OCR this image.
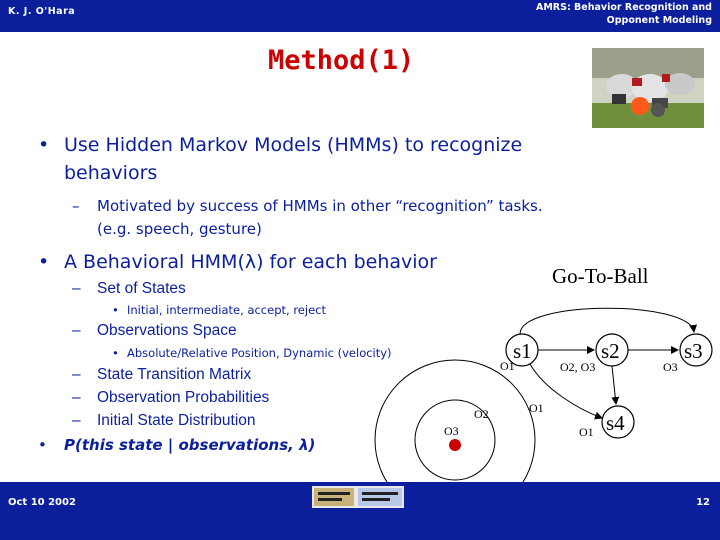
K. J. O'Hara	AMRS: Behavior Recognition and
Opponent Modeling
Method(1)
• Use Hidden Markov Models (HMMs) to recognize
behaviors
– Motivated by success of HMMs in other “recognition” tasks.
(e.g. speech, gesture)
• A Behavioral HMM(λ) for each behavior
Go-To-Ball
– Set of States
• Initial, intermediate, accept, reject
– Observations Space
• Absolute/Relative Position, Dynamic (velocity)
– State Transition Matrix
– Observation Probabilities
– Initial State Distribution
• P(this state | observations, λ)
s1	s2	s3
s4
O1	O2, O3	O3
O1
O2
O3
O1
Oct 10 2002	12
